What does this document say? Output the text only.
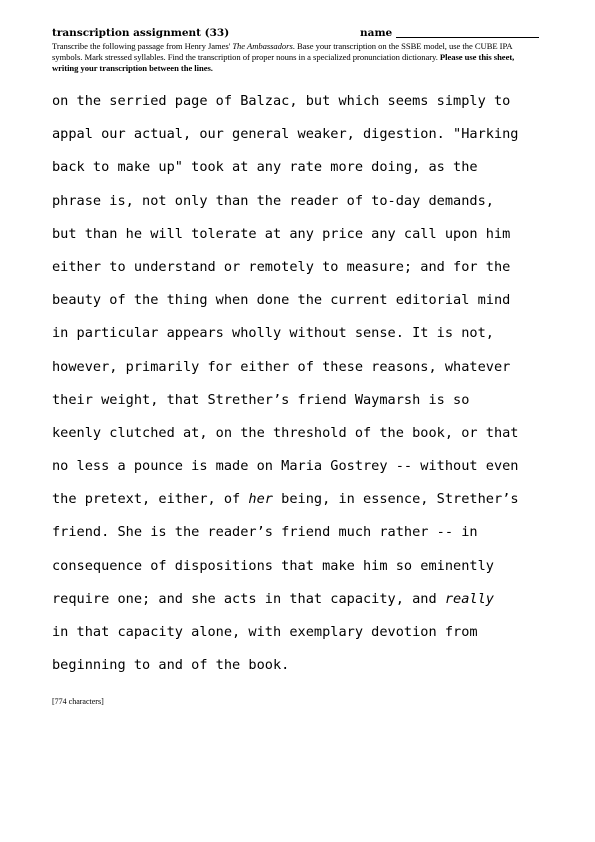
transcription assignment (33)	name
Transcribe the following passage from Henry James' The Ambassadors. Base your transcription on the SSBE model, use the CUBE IPA symbols. Mark stressed syllables. Find the transcription of proper nouns in a specialized pronunciation dictionary. Please use this sheet, writing your transcription between the lines.
on the serried page of Balzac, but which seems simply to
appal our actual, our general weaker, digestion. "Harking
back to make up" took at any rate more doing, as the
phrase is, not only than the reader of to-day demands,
but than he will tolerate at any price any call upon him
either to understand or remotely to measure; and for the
beauty of the thing when done the current editorial mind
in particular appears wholly without sense. It is not,
however, primarily for either of these reasons, whatever
their weight, that Strether’s friend Waymarsh is so
keenly clutched at, on the threshold of the book, or that
no less a pounce is made on Maria Gostrey -- without even
the pretext, either, of her being, in essence, Strether’s
friend. She is the reader’s friend much rather -- in
consequence of dispositions that make him so eminently
require one; and she acts in that capacity, and really
in that capacity alone, with exemplary devotion from
beginning to and of the book.
[774 characters]
